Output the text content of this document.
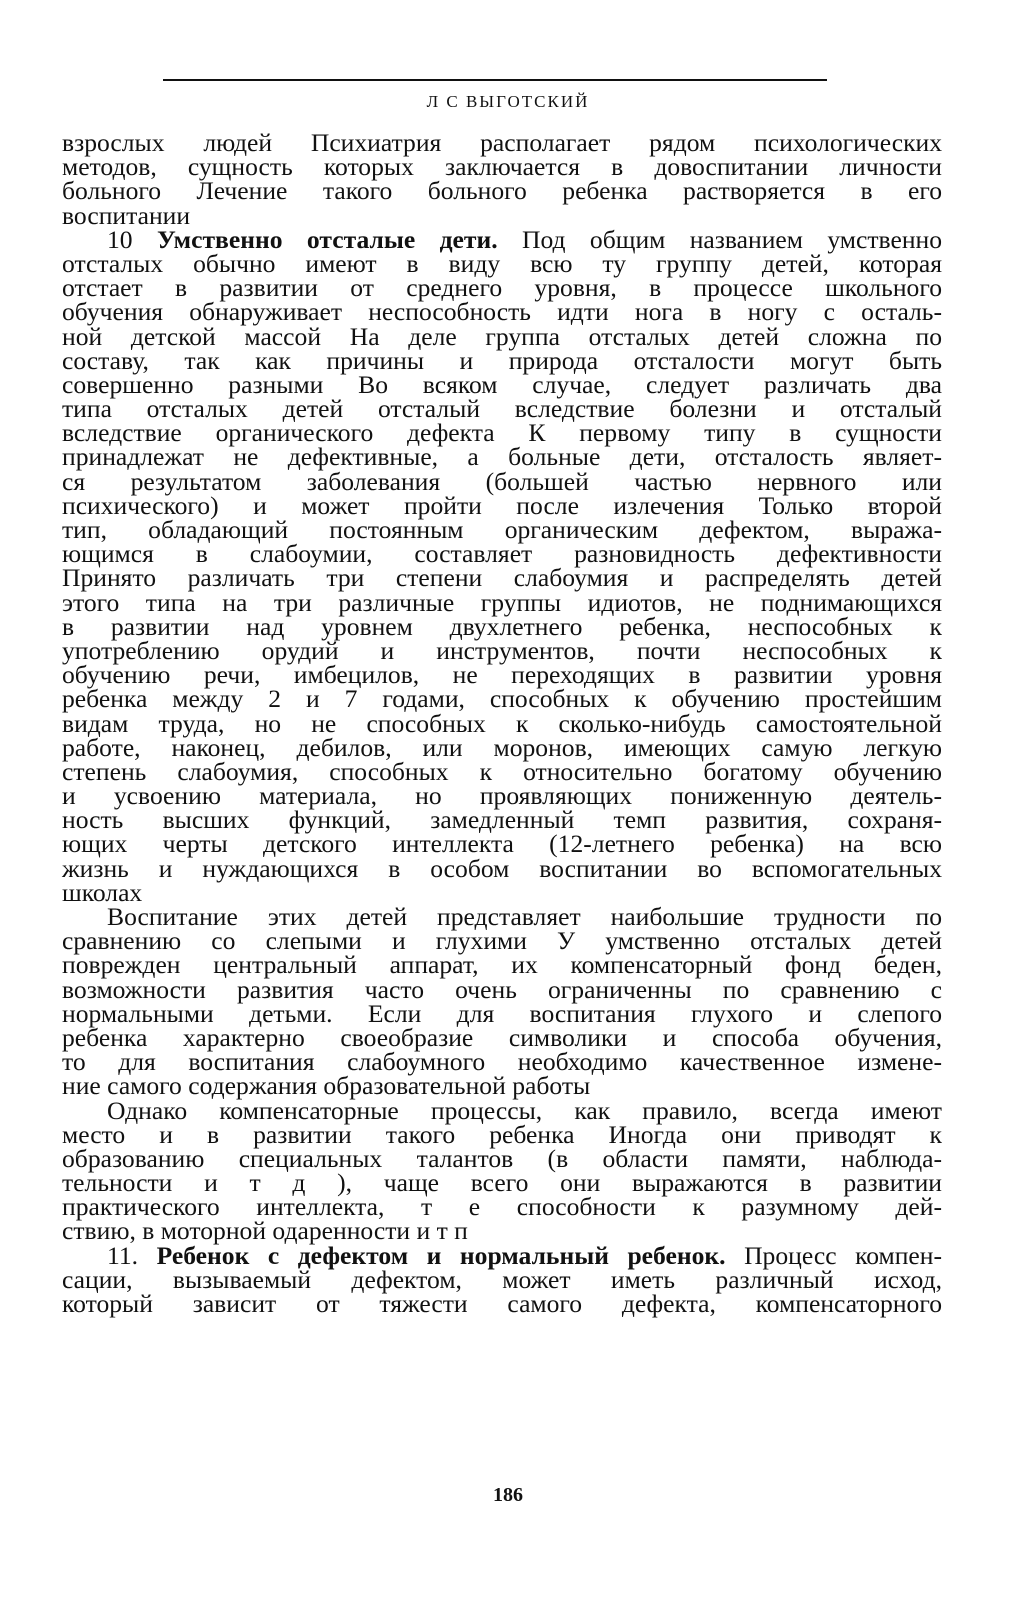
Л С ВЫГОТСКИЙ
взрослых людей Психиатрия располагает рядом психологических
методов, сущность которых заключается в довоспитании личности
больного Лечение такого больного ребенка растворяется в его
воспитании
10 Умственно отсталые дети. Под общим названием умственно
отсталых обычно имеют в виду всю ту группу детей, которая
отстает в развитии от среднего уровня, в процессе школьного
обучения обнаруживает неспособность идти нога в ногу с осталь-
ной детской массой На деле группа отсталых детей сложна по
составу, так как причины и природа отсталости могут быть
совершенно разными Во всяком случае, следует различать два
типа отсталых детей отсталый вследствие болезни и отсталый
вследствие органического дефекта К первому типу в сущности
принадлежат не дефективные, а больные дети, отсталость являет-
ся результатом заболевания (большей частью нервного или
психического) и может пройти после излечения Только второй
тип, обладающий постоянным органическим дефектом, выража-
ющимся в слабоумии, составляет разновидность дефективности
Принято различать три степени слабоумия и распределять детей
этого типа на три различные группы идиотов, не поднимающихся
в развитии над уровнем двухлетнего ребенка, неспособных к
употреблению орудий и инструментов, почти неспособных к
обучению речи, имбецилов, не переходящих в развитии уровня
ребенка между 2 и 7 годами, способных к обучению простейшим
видам труда, но не способных к сколько-нибудь самостоятельной
работе, наконец, дебилов, или моронов, имеющих самую легкую
степень слабоумия, способных к относительно богатому обучению
и усвоению материала, но проявляющих пониженную деятель-
ность высших функций, замедленный темп развития, сохраня-
ющих черты детского интеллекта (12-летнего ребенка) на всю
жизнь и нуждающихся в особом воспитании во вспомогательных
школах
Воспитание этих детей представляет наибольшие трудности по
сравнению со слепыми и глухими У умственно отсталых детей
поврежден центральный аппарат, их компенсаторный фонд беден,
возможности развития часто очень ограниченны по сравнению с
нормальными детьми. Если для воспитания глухого и слепого
ребенка характерно своеобразие символики и способа обучения,
то для воспитания слабоумного необходимо качественное измене-
ние самого содержания образовательной работы
Однако компенсаторные процессы, как правило, всегда имеют
место и в развитии такого ребенка Иногда они приводят к
образованию специальных талантов (в области памяти, наблюда-
тельности и т д ), чаще всего они выражаются в развитии
практического интеллекта, т е способности к разумному дей-
ствию, в моторной одаренности и т п
11. Ребенок с дефектом и нормальный ребенок. Процесс компен-
сации, вызываемый дефектом, может иметь различный исход,
который зависит от тяжести самого дефекта, компенсаторного
186
